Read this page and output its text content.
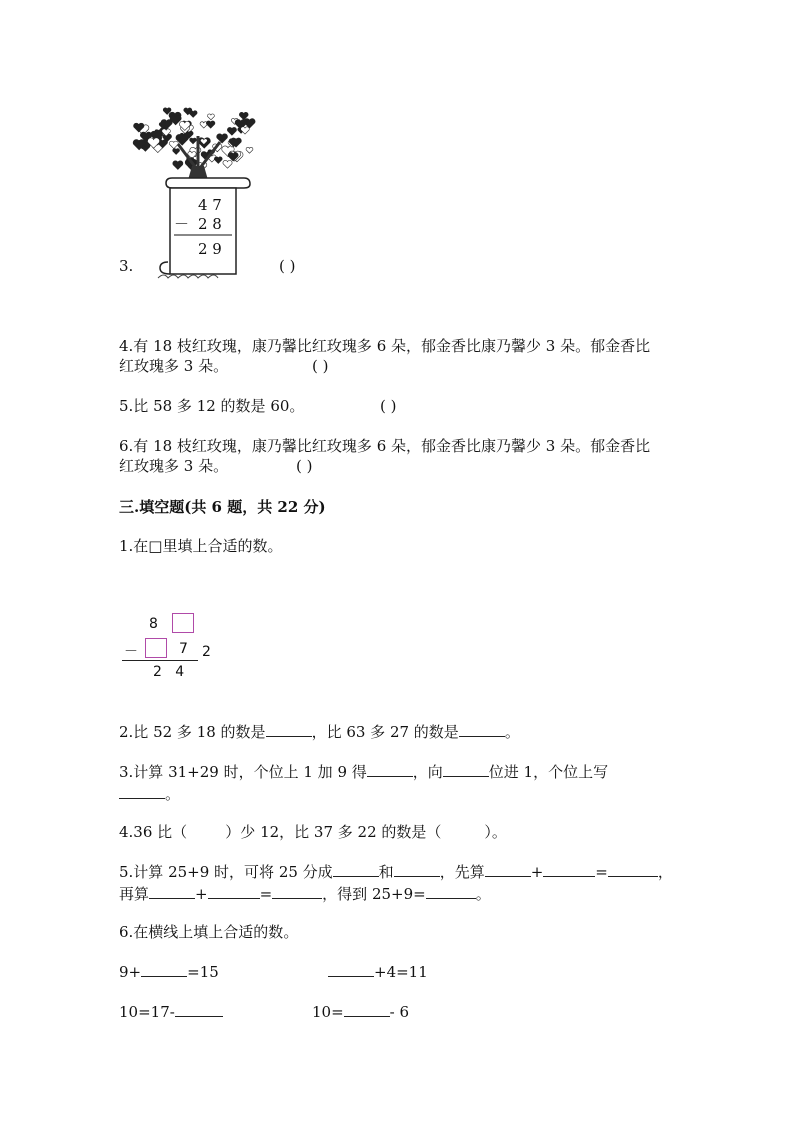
4 7
－ 2 8
2 9
3.	( )
4.有 18 枝红玫瑰，康乃馨比红玫瑰多 6 朵，郁金香比康乃馨少 3 朵。郁金香比
红玫瑰多 3 朵。	( )
5.比 58 多 12 的数是 60。	( )
6.有 18 枝红玫瑰，康乃馨比红玫瑰多 6 朵，郁金香比康乃馨少 3 朵。郁金香比
红玫瑰多 3 朵。	( )
三.填空题(共 6 题，共 22 分)
1.在□里填上合适的数。
8
－	7 2
2   4
2.比 52 多 18 的数是	，比 63 多 27 的数是	。
3.计算 31+29 时，个位上 1 加 9 得	，向	位进 1，个位上写
。
4.36 比（        ）少 12，比 37 多 22 的数是（         ）。
5.计算 25+9 时，可将 25 分成	和	，先算	+	=	，
再算	+	=	，得到 25+9=	。
6.在横线上填上合适的数。
9+	=15	+4=11
10=17-	10=	- 6
